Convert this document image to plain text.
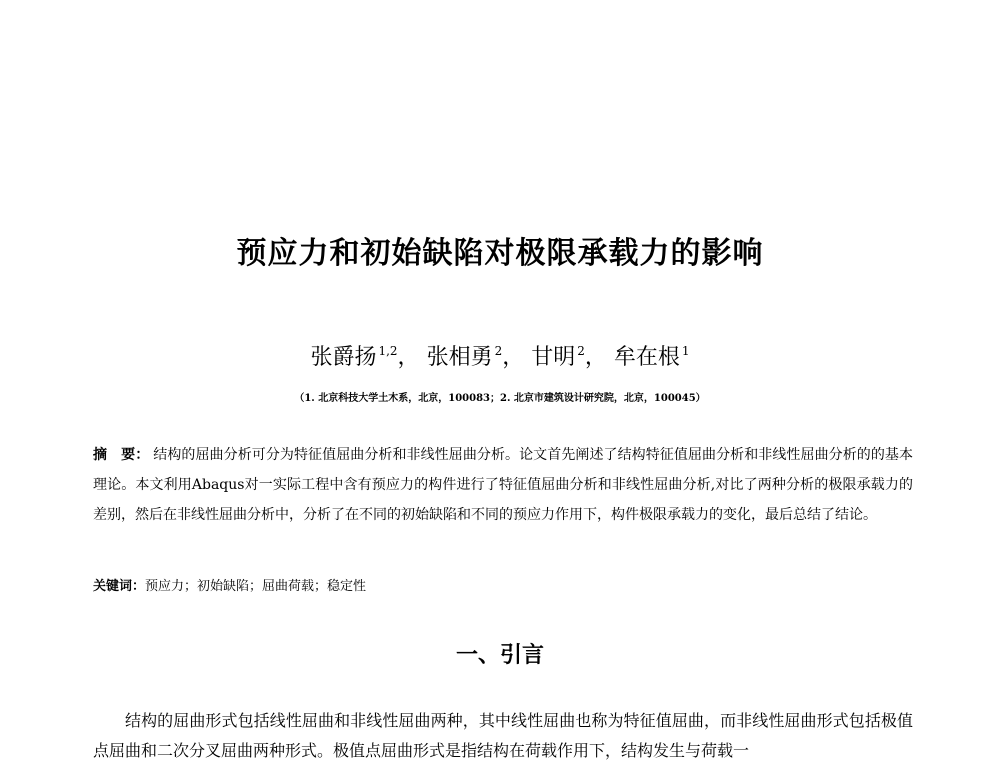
预应力和初始缺陷对极限承载力的影响
张爵扬 $^{1,2}$， 张相勇 $^2$， 甘明 $^2$， 牟在根 $^1$
（1. 北京科技大学土木系，北京，100083；2. 北京市建筑设计研究院，北京，100045）
摘　要： 结构的屈曲分析可分为特征值屈曲分析和非线性屈曲分析。论文首先阐述了结构特征值屈曲分析和非线性屈曲分析的的基本理论。本文利用Abaqus对一实际工程中含有预应力的构件进行了特征值屈曲分析和非线性屈曲分析,对比了两种分析的极限承载力的差别，然后在非线性屈曲分析中，分析了在不同的初始缺陷和不同的预应力作用下，构件极限承载力的变化，最后总结了结论。
关键词：预应力；初始缺陷；屈曲荷载；稳定性
一、引言
结构的屈曲形式包括线性屈曲和非线性屈曲两种，其中线性屈曲也称为特征值屈曲，而非线性屈曲形式包括极值点屈曲和二次分叉屈曲两种形式。极值点屈曲形式是指结构在荷载作用下，结构发生与荷载一
